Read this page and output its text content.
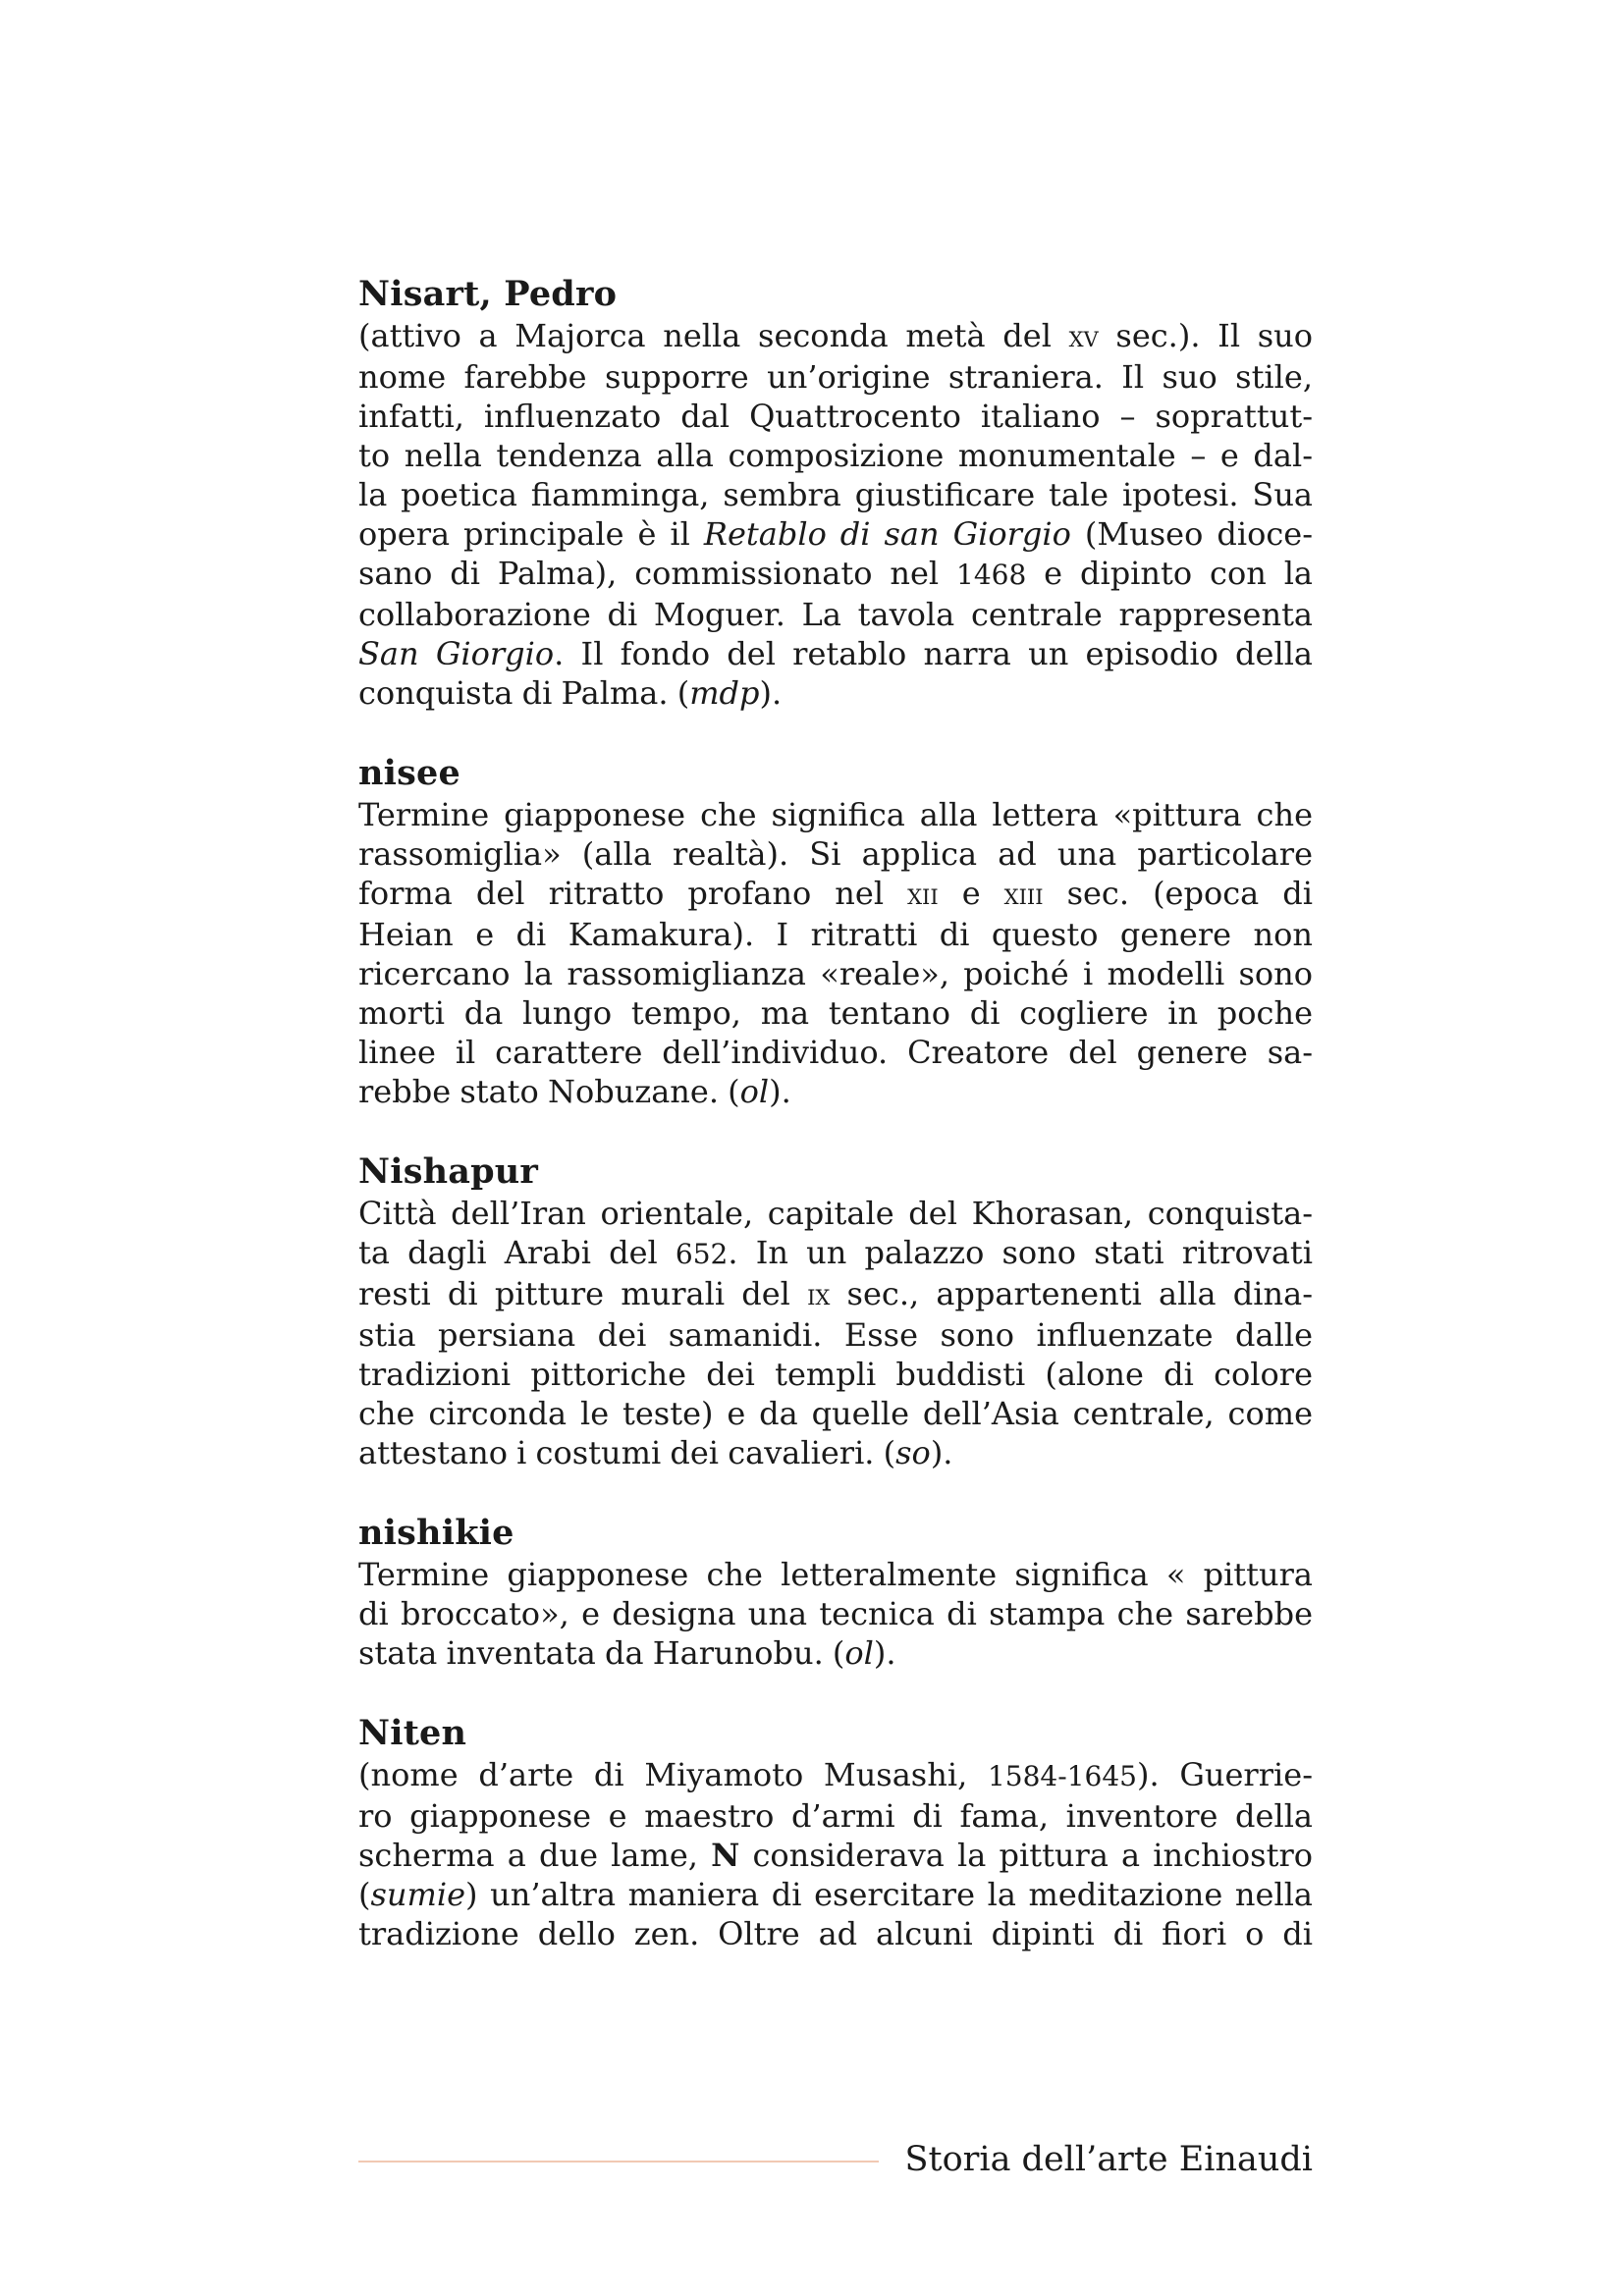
Nisart, Pedro
(attivo a Majorca nella seconda metà del xv sec.). Il suo
nome farebbe supporre un’origine straniera. Il suo stile,
infatti, influenzato dal Quattrocento italiano – soprattut-
to nella tendenza alla composizione monumentale – e dal-
la poetica fiamminga, sembra giustificare tale ipotesi. Sua
opera principale è il Retablo di san Giorgio (Museo dioce-
sano di Palma), commissionato nel 1468 e dipinto con la
collaborazione di Moguer. La tavola centrale rappresenta
San Giorgio. Il fondo del retablo narra un episodio della
conquista di Palma. (mdp).
nisee
Termine giapponese che significa alla lettera «pittura che
rassomiglia» (alla realtà). Si applica ad una particolare
forma del ritratto profano nel xii e xiii sec. (epoca di
Heian e di Kamakura). I ritratti di questo genere non
ricercano la rassomiglianza «reale», poiché i modelli sono
morti da lungo tempo, ma tentano di cogliere in poche
linee il carattere dell’individuo. Creatore del genere sa-
rebbe stato Nobuzane. (ol).
Nishapur
Città dell’Iran orientale, capitale del Khorasan, conquista-
ta dagli Arabi del 652. In un palazzo sono stati ritrovati
resti di pitture murali del ix sec., appartenenti alla dina-
stia persiana dei samanidi. Esse sono influenzate dalle
tradizioni pittoriche dei templi buddisti (alone di colore
che circonda le teste) e da quelle dell’Asia centrale, come
attestano i costumi dei cavalieri. (so).
nishikie
Termine giapponese che letteralmente significa « pittura
di broccato», e designa una tecnica di stampa che sarebbe
stata inventata da Harunobu. (ol).
Niten
(nome d’arte di Miyamoto Musashi, 1584-1645). Guerrie-
ro giapponese e maestro d’armi di fama, inventore della
scherma a due lame, N considerava la pittura a inchiostro
(sumie) un’altra maniera di esercitare la meditazione nella
tradizione dello zen. Oltre ad alcuni dipinti di fiori o di
Storia dell’arte Einaudi
